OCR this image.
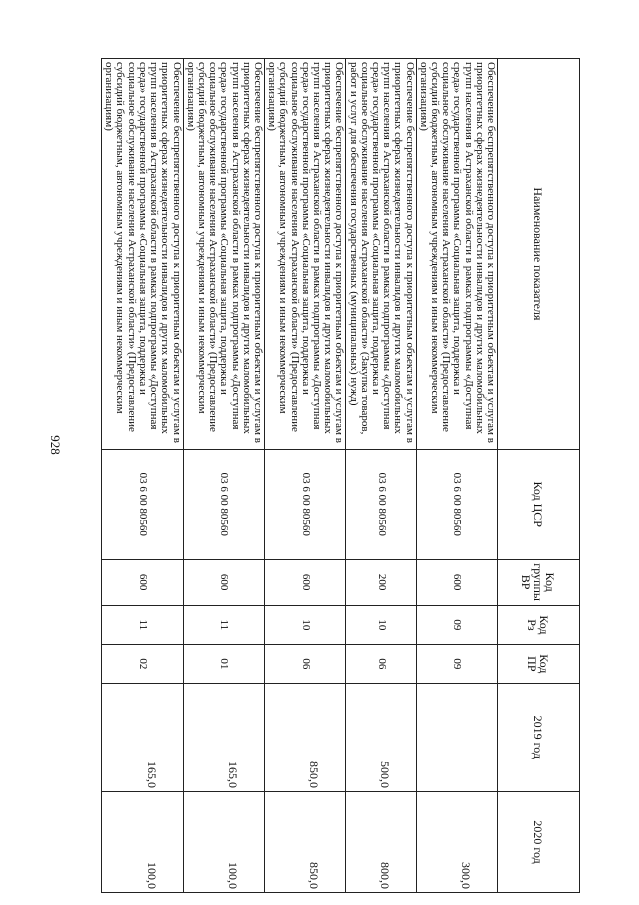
928
Наименование показателя	Код ЦСР	Код группы ВР	Код Рз	Код ПР	2019 год	2020 год
Обеспечение беспрепятственного доступа к приоритетным объектам и услугам в приоритетных сферах жизнедеятельности инвалидов и других маломобильных групп населения в Астраханской области в рамках подпрограммы «Доступная среда» государственной программы «Социальная защита, поддержка и социальное обслуживание населения Астраханской области» (Предоставление субсидий бюджетным, автономным учреждениям и иным некоммерческим организациям)	03 6 00 80560	600	09	09		300,0
Обеспечение беспрепятственного доступа к приоритетным объектам и услугам в приоритетных сферах жизнедеятельности инвалидов и других маломобильных групп населения в Астраханской области в рамках подпрограммы «Доступная среда» государственной программы «Социальная защита, поддержка и социальное обслуживание населения Астраханской области» (Закупка товаров, работ и услуг для обеспечения государственных (муниципальных) нужд)	03 6 00 80560	200	10	06	500,0	800,0
Обеспечение беспрепятственного доступа к приоритетным объектам и услугам в приоритетных сферах жизнедеятельности инвалидов и других маломобильных групп населения в Астраханской области в рамках подпрограммы «Доступная среда» государственной программы «Социальная защита, поддержка и социальное обслуживание населения Астраханской области» (Предоставление субсидий бюджетным, автономным учреждениям и иным некоммерческим организациям)	03 6 00 80560	600	10	06	850,0	850,0
Обеспечение беспрепятственного доступа к приоритетным объектам и услугам в приоритетных сферах жизнедеятельности инвалидов и других маломобильных групп населения в Астраханской области в рамках подпрограммы «Доступная среда» государственной программы «Социальная защита, поддержка и социальное обслуживание населения Астраханской области» (Предоставление субсидий бюджетным, автономным учреждениям и иным некоммерческим организациям)	03 6 00 80560	600	11	01	165,0	100,0
Обеспечение беспрепятственного доступа к приоритетным объектам и услугам в приоритетных сферах жизнедеятельности инвалидов и других маломобильных групп населения в Астраханской области в рамках подпрограммы «Доступная среда» государственной программы «Социальная защита, поддержка и социальное обслуживание населения Астраханской области» (Предоставление субсидий бюджетным, автономным учреждениям и иным некоммерческим организациям)	03 6 00 80560	600	11	02	165,0	100,0
